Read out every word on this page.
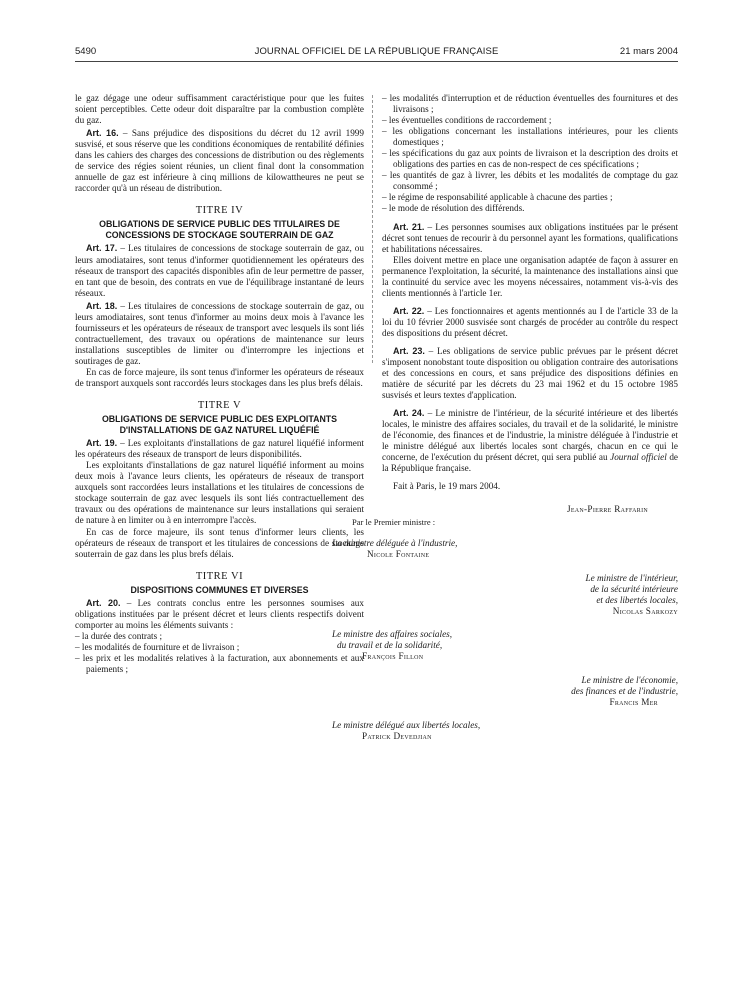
5490	JOURNAL OFFICIEL DE LA RÉPUBLIQUE FRANÇAISE	21 mars 2004

le gaz dégage une odeur suffisamment caractéristique pour que les fuites soient perceptibles. Cette odeur doit disparaître par la combustion complète du gaz.

Art. 16. – Sans préjudice des dispositions du décret du 12 avril 1999 susvisé, et sous réserve que les conditions économiques de rentabilité définies dans les cahiers des charges des concessions de distribution ou des règlements de service des régies soient réunies, un client final dont la consommation annuelle de gaz est inférieure à cinq millions de kilowattheures ne peut se raccorder qu'à un réseau de distribution.

TITRE IV
OBLIGATIONS DE SERVICE PUBLIC DES TITULAIRES DE CONCESSIONS DE STOCKAGE SOUTERRAIN DE GAZ

Art. 17. – Les titulaires de concessions de stockage souterrain de gaz, ou leurs amodiataires, sont tenus d'informer quotidiennement les opérateurs des réseaux de transport des capacités disponibles afin de leur permettre de passer, en tant que de besoin, des contrats en vue de l'équilibrage instantané de leurs réseaux.

Art. 18. – Les titulaires de concessions de stockage souterrain de gaz, ou leurs amodiataires, sont tenus d'informer au moins deux mois à l'avance les fournisseurs et les opérateurs de réseaux de transport avec lesquels ils sont liés contractuellement, des travaux ou opérations de maintenance sur leurs installations susceptibles de limiter ou d'interrompre les injections et soutirages de gaz.

En cas de force majeure, ils sont tenus d'informer les opérateurs de réseaux de transport auxquels sont raccordés leurs stockages dans les plus brefs délais.

TITRE V
OBLIGATIONS DE SERVICE PUBLIC DES EXPLOITANTS D'INSTALLATIONS DE GAZ NATUREL LIQUÉFIÉ

Art. 19. – Les exploitants d'installations de gaz naturel liquéfié informent les opérateurs des réseaux de transport de leurs disponibilités.

Les exploitants d'installations de gaz naturel liquéfié informent au moins deux mois à l'avance leurs clients, les opérateurs de réseaux de transport auxquels sont raccordées leurs installations et les titulaires de concessions de stockage souterrain de gaz avec lesquels ils sont liés contractuellement des travaux ou des opérations de maintenance sur leurs installations qui seraient de nature à en limiter ou à en interrompre l'accès.

En cas de force majeure, ils sont tenus d'informer leurs clients, les opérateurs de réseaux de transport et les titulaires de concessions de stockage souterrain de gaz dans les plus brefs délais.

TITRE VI
DISPOSITIONS COMMUNES ET DIVERSES

Art. 20. – Les contrats conclus entre les personnes soumises aux obligations instituées par le présent décret et leurs clients respectifs doivent comporter au moins les éléments suivants :

– la durée des contrats ;
– les modalités de fourniture et de livraison ;
– les prix et les modalités relatives à la facturation, aux abonnements et aux paiements ;
– les modalités d'interruption et de réduction éventuelles des fournitures et des livraisons ;
– les éventuelles conditions de raccordement ;
– les obligations concernant les installations intérieures, pour les clients domestiques ;
– les spécifications du gaz aux points de livraison et la description des droits et obligations des parties en cas de non-respect de ces spécifications ;
– les quantités de gaz à livrer, les débits et les modalités de comptage du gaz consommé ;
– le régime de responsabilité applicable à chacune des parties ;
– le mode de résolution des différends.

Art. 21. – Les personnes soumises aux obligations instituées par le présent décret sont tenues de recourir à du personnel ayant les formations, qualifications et habilitations nécessaires.

Elles doivent mettre en place une organisation adaptée de façon à assurer en permanence l'exploitation, la sécurité, la maintenance des installations ainsi que la continuité du service avec les moyens nécessaires, notamment vis-à-vis des clients mentionnés à l'article 1er.

Art. 22. – Les fonctionnaires et agents mentionnés au I de l'article 33 de la loi du 10 février 2000 susvisée sont chargés de procéder au contrôle du respect des dispositions du présent décret.

Art. 23. – Les obligations de service public prévues par le présent décret s'imposent nonobstant toute disposition ou obligation contraire des autorisations et des concessions en cours, et sans préjudice des dispositions définies en matière de sécurité par les décrets du 23 mai 1962 et du 15 octobre 1985 susvisés et leurs textes d'application.

Art. 24. – Le ministre de l'intérieur, de la sécurité intérieure et des libertés locales, le ministre des affaires sociales, du travail et de la solidarité, le ministre de l'économie, des finances et de l'industrie, la ministre déléguée à l'industrie et le ministre délégué aux libertés locales sont chargés, chacun en ce qui le concerne, de l'exécution du présent décret, qui sera publié au Journal officiel de la République française.

Fait à Paris, le 19 mars 2004.

Jean-Pierre Raffarin
Par le Premier ministre :
La ministre déléguée à l'industrie,
Nicole Fontaine
Le ministre de l'intérieur,
de la sécurité intérieure
et des libertés locales,
Nicolas Sarkozy
Le ministre des affaires sociales,
du travail et de la solidarité,
François Fillon
Le ministre de l'économie,
des finances et de l'industrie,
Francis Mer
Le ministre délégué aux libertés locales,
Patrick Devedjian
